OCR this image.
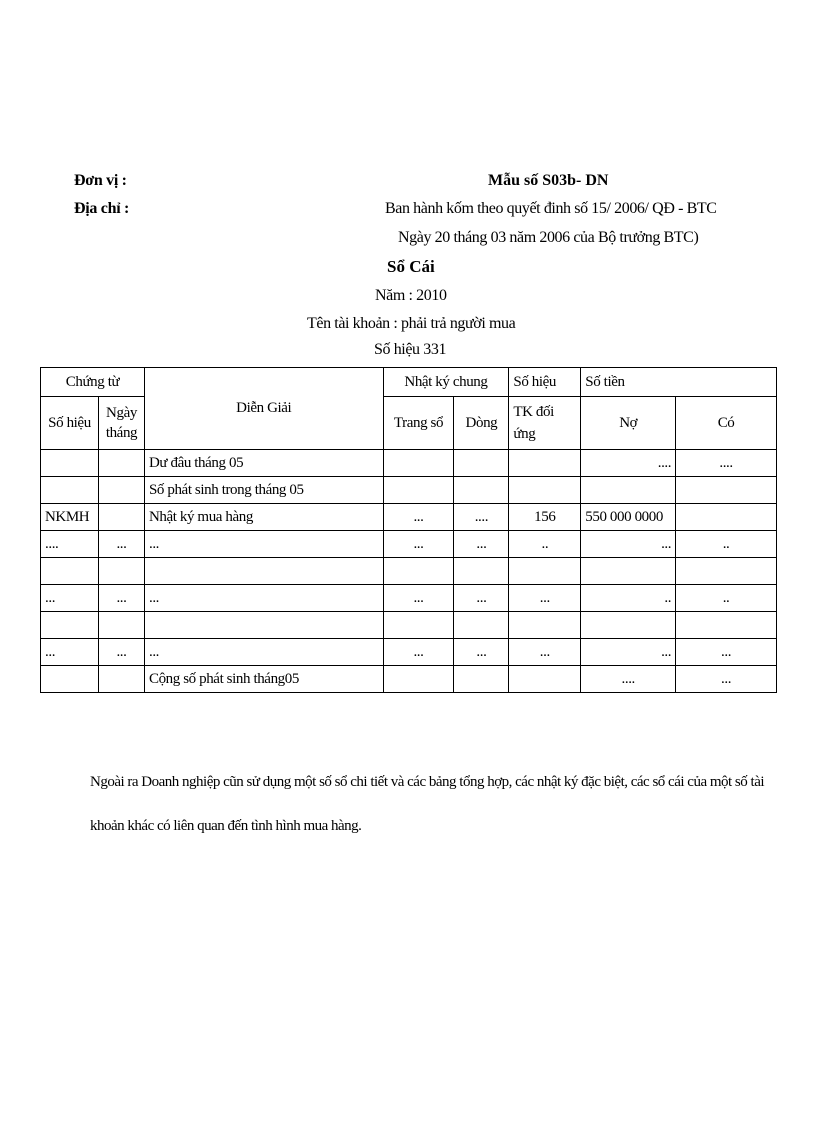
Đơn vị :
Địa chỉ :
Mẫu số S03b- DN
Ban hành kốm theo quyết đinh số 15/ 2006/ QĐ - BTC
Ngày 20 tháng 03 năm 2006 của Bộ trưởng BTC)
Sổ Cái
Năm : 2010
Tên tài khoản : phải trả người mua
Số hiệu 331
Chứng từ		Diễn Giải	Nhật ký chung		Số hiệu	Số tiền	
Số hiệu	Ngày tháng		Trang sổ	Dòng	TK đối ứng	Nợ	Có
		Dư đâu tháng 05				....	....
		Số phát sinh trong tháng 05					
NKMH		Nhật ký mua hàng	...	....	156	550 000 0000	
....	...	...	...	...	..	...	..

...	...	...	...	...	...	..	..

...	...	...	...	...	...	...	...
		Cộng số phát sinh tháng05				....	...
Ngoài ra Doanh nghiệp cũn sử dụng một số sổ chi tiết và các bảng tổng hợp, các nhật ký đặc biệt, các sổ cái của một số tài khoản khác có liên quan đến tình hình mua hàng.
